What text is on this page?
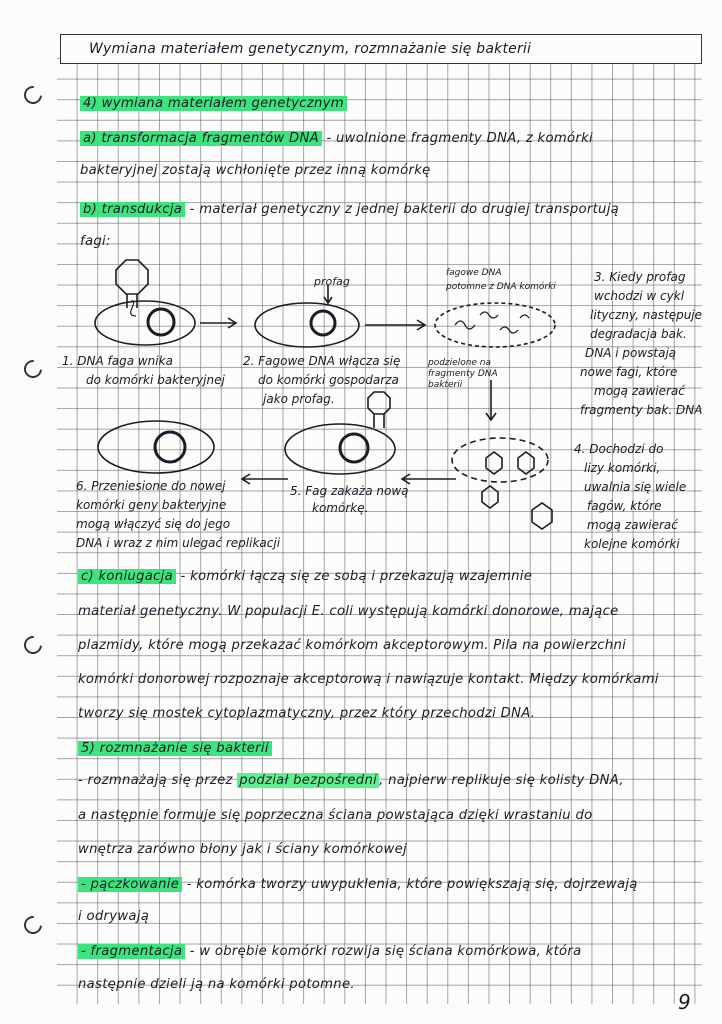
Wymiana materiałem genetycznym, rozmnażanie się bakterii
4) wymiana materiałem genetycznym
a) transformacja fragmentów DNA - uwolnione fragmenty DNA, z komórki
bakteryjnej zostają wchłonięte przez inną komórkę
b) transdukcja - materiał genetyczny z jednej bakterii do drugiej transportują
fagi:
profag
fagowe DNA
potomne z DNA komórki
1. DNA faga wnika
do komórki bakteryjnej
2. Fagowe DNA włącza się
do komórki gospodarza
jako profag.
3. Kiedy profag
wchodzi w cykl
lityczny, następuje
degradacja bak.
DNA i powstają
nowe fagi, które
mogą zawierać
fragmenty bak. DNA
podzielone na
fragmenty DNA
bakterii
4. Dochodzi do
lizy komórki,
uwalnia się wiele
fagów, które
mogą zawierać
kolejne komórki
5. Fag zakaża nową
komórkę.
6. Przeniesione do nowej
komórki geny bakteryjne
mogą włączyć się do jego
DNA i wraz z nim ulegać replikacji
c) koniugacja - komórki łączą się ze sobą i przekazują wzajemnie
materiał genetyczny. W populacji E. coli występują komórki donorowe, mające
plazmidy, które mogą przekazać komórkom akceptorowym. Pila na powierzchni
komórki donorowej rozpoznaje akceptorową i nawiązuje kontakt. Między komórkami
tworzy się mostek cytoplazmatyczny, przez który przechodzi DNA.
5) rozmnażanie się bakterii
- rozmnażają się przez podział bezpośredni , najpierw replikuje się kolisty DNA,
a następnie formuje się poprzeczna ściana powstająca dzięki wrastaniu do
wnętrza zarówno błony jak i ściany komórkowej
- pączkowanie - komórka tworzy uwypuklenia, które powiększają się, dojrzewają
i odrywają
- fragmentacja - w obrębie komórki rozwija się ściana komórkowa, która
następnie dzieli ją na komórki potomne.
9
